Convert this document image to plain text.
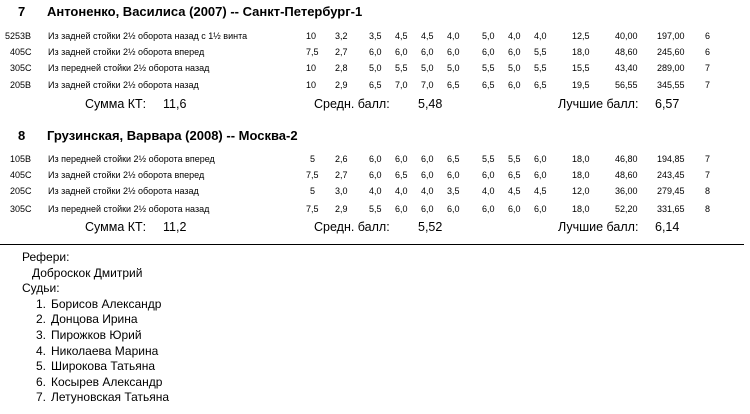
7 Антоненко, Василиса (2007) -- Санкт-Петербург-1
5253B Из задней стойки 2½ оборота назад с 1½ винта	10 3,2 3,5 4,5 4,5 4,0 5,0 4,0 4,0	12,5	40,00 197,00 6
405C Из задней стойки 2½ оборота вперед	7,5 2,7 6,0 6,0 6,0 6,0 6,0 6,0 5,5	18,0	48,60 245,60 6
305C Из передней стойки 2½ оборота назад	10 2,8 5,0 5,5 5,0 5,0 5,5 5,0 5,5	15,5	43,40 289,00 7
205B Из задней стойки 2½ оборота назад	10 2,9 6,5 7,0 7,0 6,5 6,5 6,0 6,5	19,5	56,55 345,55 7
Сумма КТ: 11,6	Средн. балл: 5,48	Лучшие балл: 6,57
8 Грузинская, Варвара (2008) -- Москва-2
105B Из передней стойки 2½ оборота вперед	5 2,6 6,0 6,0 6,0 6,5 5,5 5,5 6,0	18,0	46,80 194,85 7
405C Из задней стойки 2½ оборота вперед	7,5 2,7 6,0 6,5 6,0 6,0 6,0 6,5 6,0	18,0	48,60 243,45 7
205C Из задней стойки 2½ оборота назад	5 3,0 4,0 4,0 4,0 3,5 4,0 4,5 4,5	12,0	36,00 279,45 8
305C Из передней стойки 2½ оборота назад	7,5 2,9 5,5 6,0 6,0 6,0 6,0 6,0 6,0	18,0	52,20 331,65 8
Сумма КТ: 11,2	Средн. балл: 5,52	Лучшие балл: 6,14
Рефери:
Доброскок Дмитрий
Судьи:
1. Борисов Александр
2. Донцова Ирина
3. Пирожков Юрий
4. Николаева Марина
5. Широкова Татьяна
6. Косырев Александр
7. Летуновская Татьяна
